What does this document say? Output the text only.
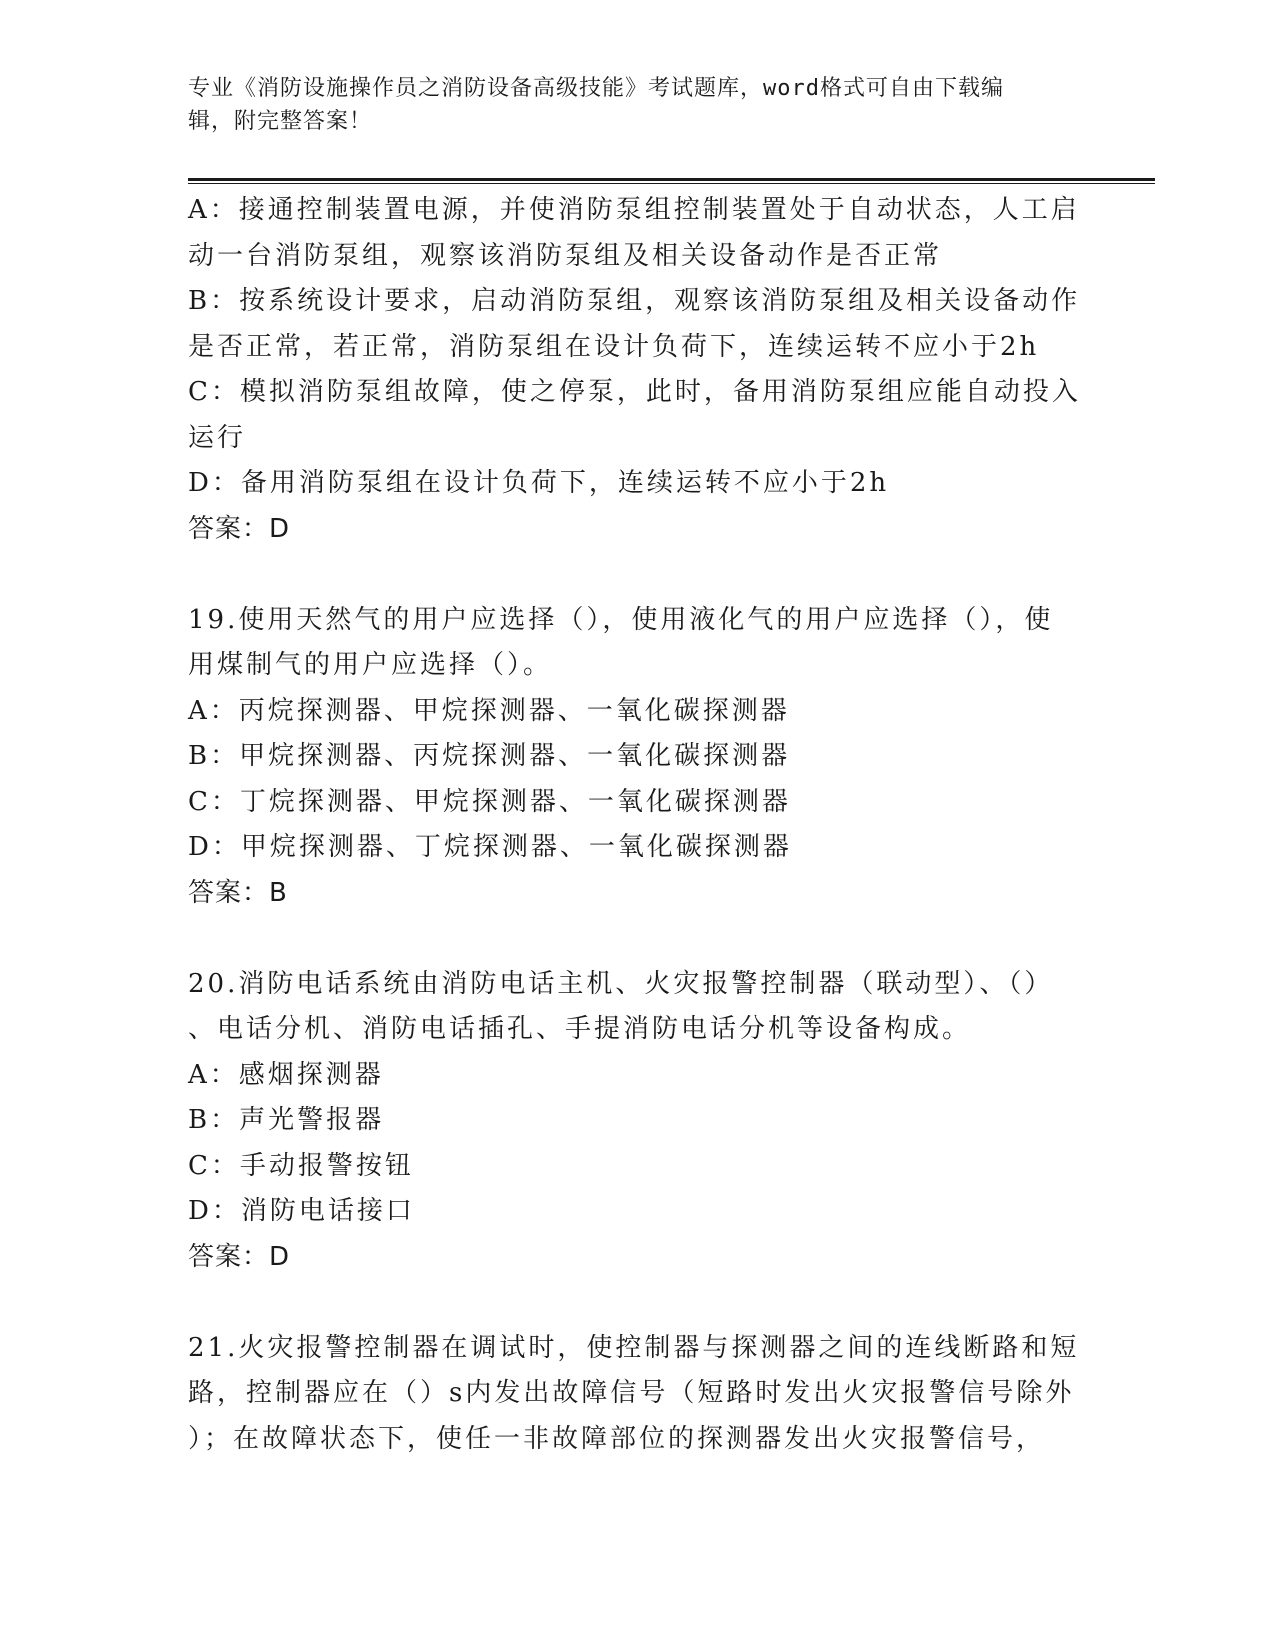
专业《消防设施操作员之消防设备高级技能》考试题库，word格式可自由下载编
辑，附完整答案！
A：接通控制装置电源，并使消防泵组控制装置处于自动状态，人工启
动一台消防泵组，观察该消防泵组及相关设备动作是否正常
B：按系统设计要求，启动消防泵组，观察该消防泵组及相关设备动作
是否正常，若正常，消防泵组在设计负荷下，连续运转不应小于2h
C：模拟消防泵组故障，使之停泵，此时，备用消防泵组应能自动投入
运行
D：备用消防泵组在设计负荷下，连续运转不应小于2h
答案：D
19.使用天然气的用户应选择（），使用液化气的用户应选择（），使
用煤制气的用户应选择（）。
A：丙烷探测器、甲烷探测器、一氧化碳探测器
B：甲烷探测器、丙烷探测器、一氧化碳探测器
C：丁烷探测器、甲烷探测器、一氧化碳探测器
D：甲烷探测器、丁烷探测器、一氧化碳探测器
答案：B
20.消防电话系统由消防电话主机、火灾报警控制器（联动型）、（）
、电话分机、消防电话插孔、手提消防电话分机等设备构成。
A：感烟探测器
B：声光警报器
C：手动报警按钮
D：消防电话接口
答案：D
21.火灾报警控制器在调试时，使控制器与探测器之间的连线断路和短
路，控制器应在（）s内发出故障信号（短路时发出火灾报警信号除外
）；在故障状态下，使任一非故障部位的探测器发出火灾报警信号，
